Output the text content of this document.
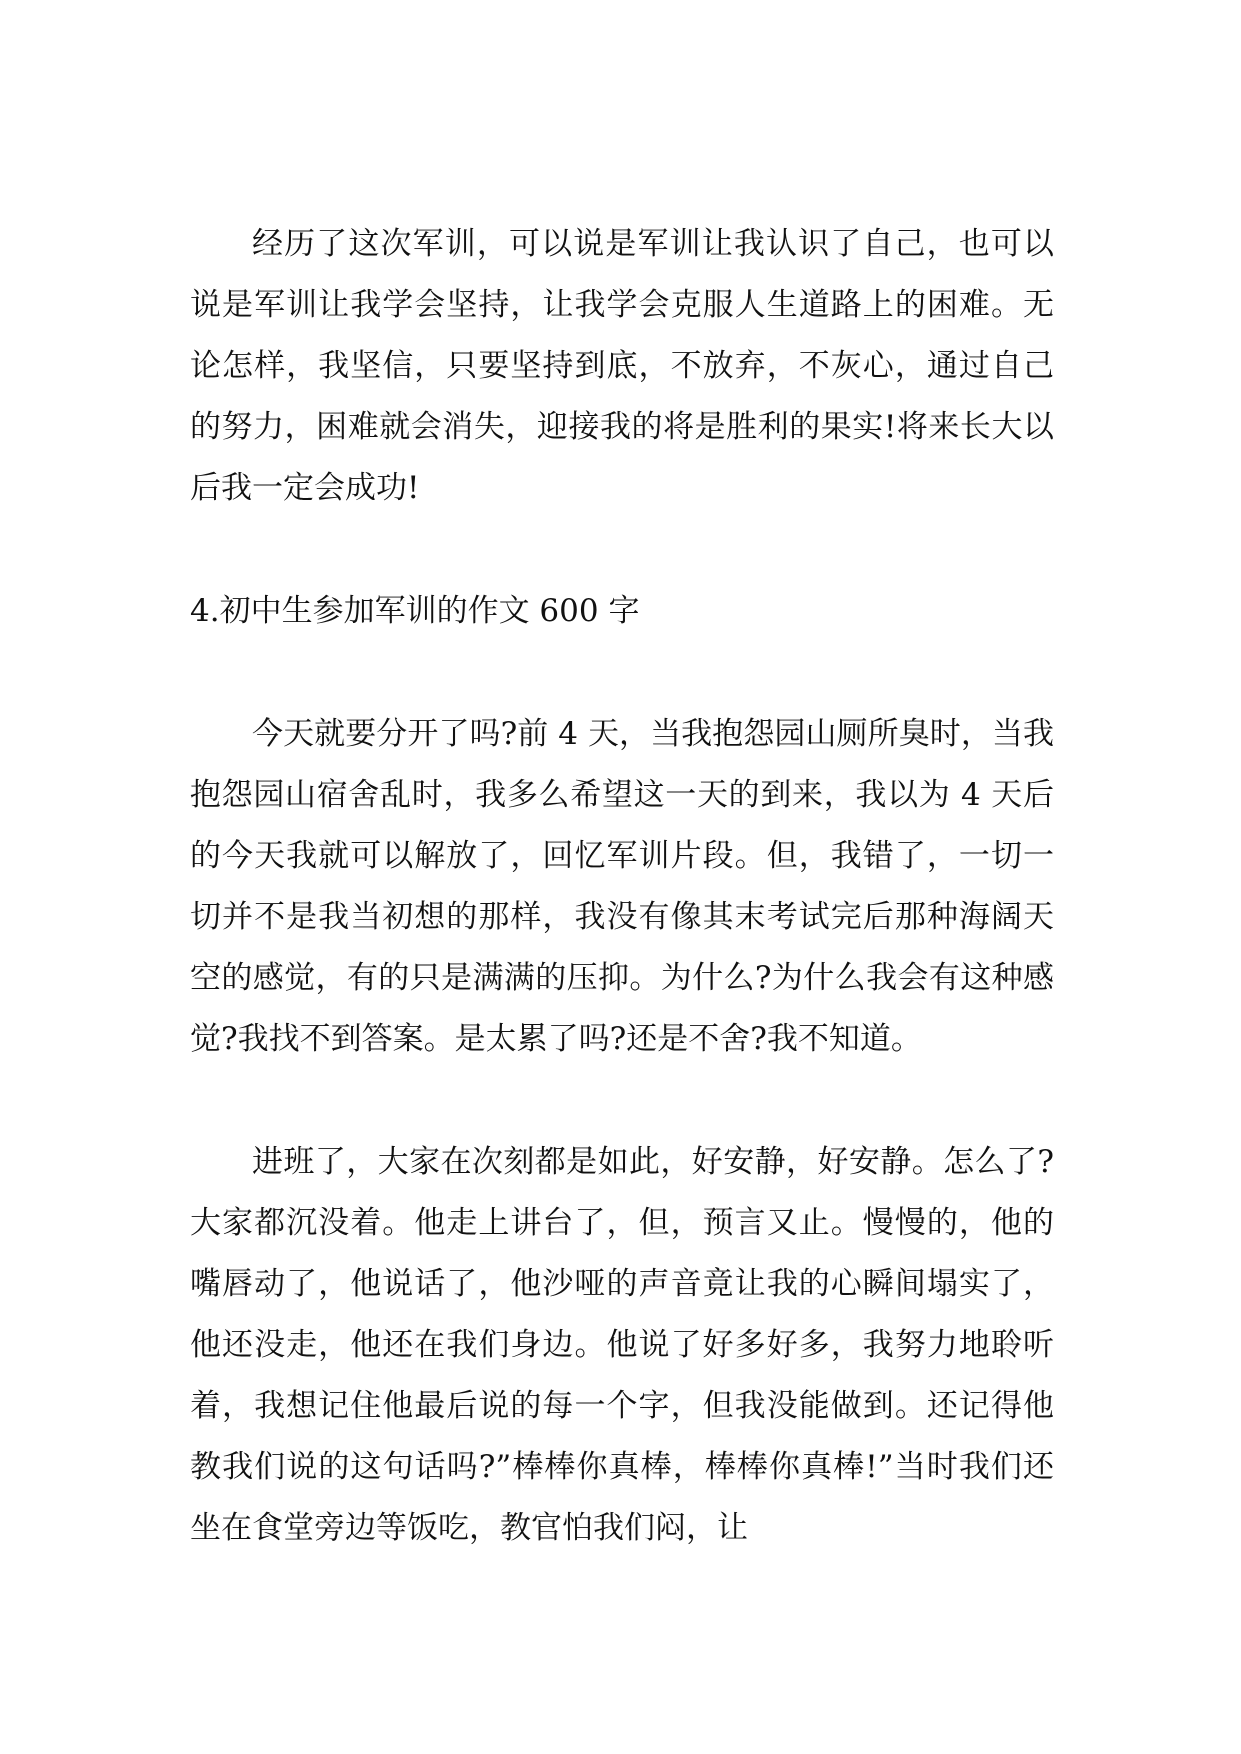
经历了这次军训，可以说是军训让我认识了自己，也可以说是军训让我学会坚持，让我学会克服人生道路上的困难。无论怎样，我坚信，只要坚持到底，不放弃，不灰心，通过自己的努力，困难就会消失，迎接我的将是胜利的果实!将来长大以后我一定会成功!

4.初中生参加军训的作文 600 字

今天就要分开了吗?前 4 天，当我抱怨园山厕所臭时，当我抱怨园山宿舍乱时，我多么希望这一天的到来，我以为 4 天后的今天我就可以解放了，回忆军训片段。但，我错了，一切一切并不是我当初想的那样，我没有像其末考试完后那种海阔天空的感觉，有的只是满满的压抑。为什么?为什么我会有这种感觉?我找不到答案。是太累了吗?还是不舍?我不知道。

进班了，大家在次刻都是如此，好安静，好安静。怎么了?大家都沉没着。他走上讲台了，但，预言又止。慢慢的，他的嘴唇动了，他说话了，他沙哑的声音竟让我的心瞬间塌实了，他还没走，他还在我们身边。他说了好多好多，我努力地聆听着，我想记住他最后说的每一个字，但我没能做到。还记得他教我们说的这句话吗?”棒棒你真棒，棒棒你真棒!”当时我们还坐在食堂旁边等饭吃，教官怕我们闷，让
